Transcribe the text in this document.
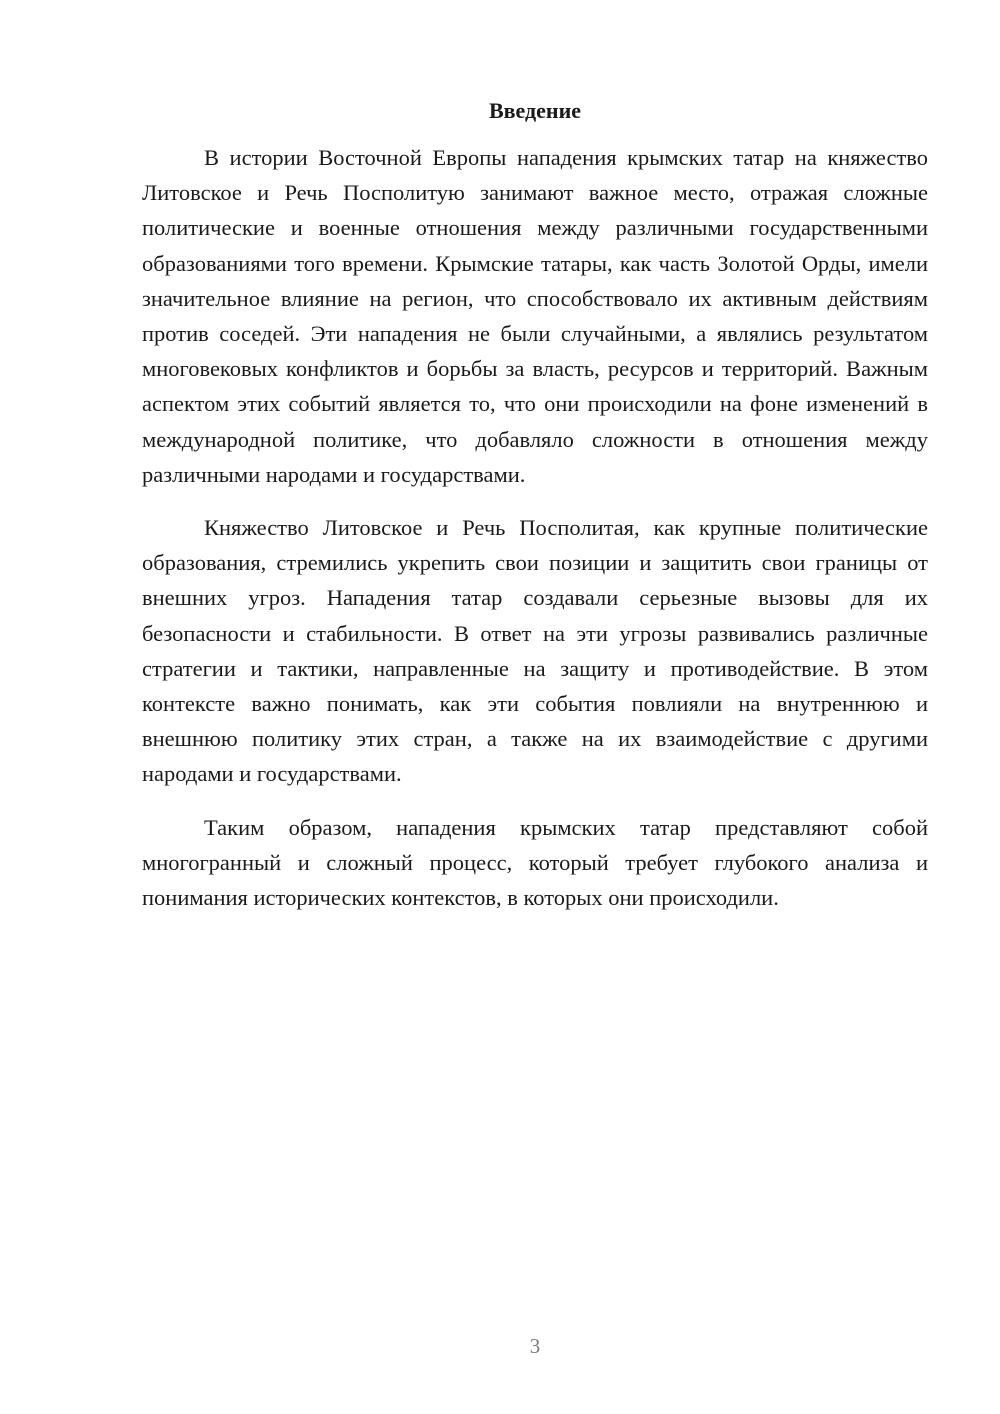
Введение

В истории Восточной Европы нападения крымских татар на княжество Литовское и Речь Посполитую занимают важное место, отражая сложные политические и военные отношения между различными государственными образованиями того времени. Крымские татары, как часть Золотой Орды, имели значительное влияние на регион, что способствовало их активным действиям против соседей. Эти нападения не были случайными, а являлись результатом многовековых конфликтов и борьбы за власть, ресурсов и территорий. Важным аспектом этих событий является то, что они происходили на фоне изменений в международной политике, что добавляло сложности в отношения между различными народами и государствами.

Княжество Литовское и Речь Посполитая, как крупные политические образования, стремились укрепить свои позиции и защитить свои границы от внешних угроз. Нападения татар создавали серьезные вызовы для их безопасности и стабильности. В ответ на эти угрозы развивались различные стратегии и тактики, направленные на защиту и противодействие. В этом контексте важно понимать, как эти события повлияли на внутреннюю и внешнюю политику этих стран, а также на их взаимодействие с другими народами и государствами.

Таким образом, нападения крымских татар представляют собой многогранный и сложный процесс, который требует глубокого анализа и понимания исторических контекстов, в которых они происходили.

3
